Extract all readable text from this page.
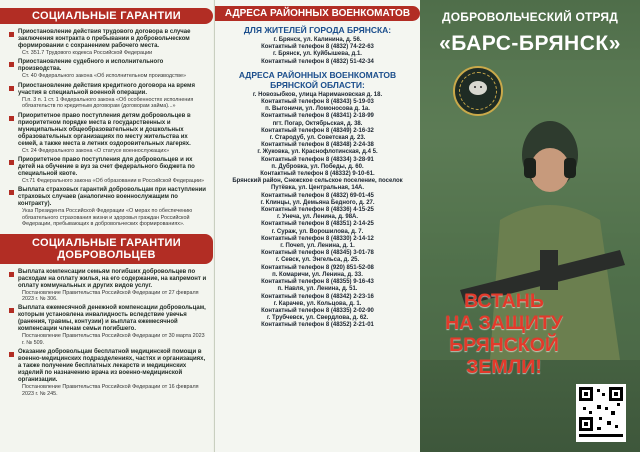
СОЦИАЛЬНЫЕ ГАРАНТИИ
Приостановление действия трудового договора в случае заключения контракта о пребывании в добровольческом формировании с сохранением рабочего места.
Ст. 351.7 Трудового кодекса Российской Федерации
Приостановление судебного и исполнительного производства.
Ст. 40 Федерального закона «Об исполнительном производстве»
Приостановление действия кредитного договора на время участия в специальной военной операции.
П.п. 3 п. 1 ст. 1 Федерального закона «Об особенностях исполнения обязательств по кредитным договорам (договорам займа)...»
Приоритетное право поступления детям добровольцев в приоритетном порядке места в государственных и муниципальных общеобразовательных и дошкольных образовательных организациях по месту жительства их семей, а также места в летних оздоровительных лагерях.
Ст. 24 Федерального закона «О статусе военнослужащих»
Приоритетное право поступления для добровольцев и их детей на обучение в вуз за счет федерального бюджета по специальной квоте.
Ст.71 Федерального закона «Об образовании в Российской Федерации»
Выплата страховых гарантий добровольцам при наступлении страховых случаев (аналогично военнослужащим по контракту).
Указ Президента Российской Федерации «О мерах по обеспечению обязательного страхования жизни и здоровья граждан Российской Федерации, пребывающих в добровольческих формированиях».
СОЦИАЛЬНЫЕ ГАРАНТИИ
ДОБРОВОЛЬЦЕВ
Выплата компенсации семьям погибших добровольцев по расходам на оплату жилья, на его содержание, на капремонт и оплату коммунальных и других видов услуг.
Постановление Правительства Российской Федерации от 27 февраля 2023 г. № 306.
Выплата ежемесячной денежной компенсации добровольцам, которым установлена инвалидность вследствие увечья (ранения, травмы, контузии) и выплата ежемесячной компенсации членам семьи погибшего.
Постановление Правительства Российской Федерации от 30 марта 2023 г. № 509.
Оказание добровольцам бесплатной медицинской помощи в военно-медицинских подразделениях, частях и организациях, а также получение бесплатных лекарств и медицинских изделий по назначению врача из военно-медицинской организации.
Постановление Правительства Российской Федерации от 16 февраля 2023 г. № 245.
АДРЕСА РАЙОННЫХ ВОЕНКОМАТОВ
ДЛЯ ЖИТЕЛЕЙ ГОРОДА БРЯНСКА:
г. Брянск, ул. Калинина, д. 56.
Контактный телефон 8 (4832) 74-22-63
г. Брянск, ул. Куйбышева, д.1.
Контактный телефон 8 (4832) 51-42-34
АДРЕСА РАЙОННЫХ ВОЕНКОМАТОВ
БРЯНСКОЙ ОБЛАСТИ:
г. Новозыбков, улица Наримановская д. 18.
Контактный телефон 8 (48343) 5-19-03
п. Выгоничи, ул. Ломоносова д. 1а.
Контактный телефон 8 (48341) 2-18-99
пгт. Погар, Октябрьская, д. 38.
Контактный телефон 8 (48349) 2-16-32
г. Стародуб, ул. Советская д. 23.
Контактный телефон 8 (48348) 2-24-38
г. Жуковка, ул. Краснофлотинская, д.4 5.
Контактный телефон 8 (48334) 3-28-91
п. Дубровка, ул. Победы, д. 60.
Контактный телефон 8 (48332) 9-10-61.
Брянский район, Снежское сельское поселение, поселок Путёвка, ул. Центральная, 14А.
Контактный телефон 8 (4832) 69-01-45
г. Клинцы, ул. Демьяна Бедного, д. 27.
Контактный телефон 8 (48336) 4-15-25
г. Унеча, ул. Ленина, д. 98А.
Контактный телефон 8 (48351) 2-14-25
г. Сураж, ул. Ворошилова, д. 7.
Контактный телефон 8 (48330) 2-14-12
г. Почеп, ул. Ленина, д. 1.
Контактный телефон 8 (48345) 3-01-78
г. Севск, ул. Энгельса, д. 25.
Контактный телефон 8 (920) 851-52-08
п. Комаричи, ул. Ленина, д. 33.
Контактный телефон 8 (48355) 9-16-43
п. Навля, ул. Ленина, д. 51.
Контактный телефон 8 (48342) 2-23-16
г. Карачев, ул. Кольцова, д. 1.
Контактный телефон 8 (48335) 2-02-90
г. Трубчевск, ул. Свердлова, д. 62.
Контактный телефон 8 (48352) 2-21-01
ДОБРОВОЛЬЧЕСКИЙ ОТРЯД
«БАРС-БРЯНСК»
ВСТАНЬ
НА ЗАЩИТУ
БРЯНСКОЙ
ЗЕМЛИ!
